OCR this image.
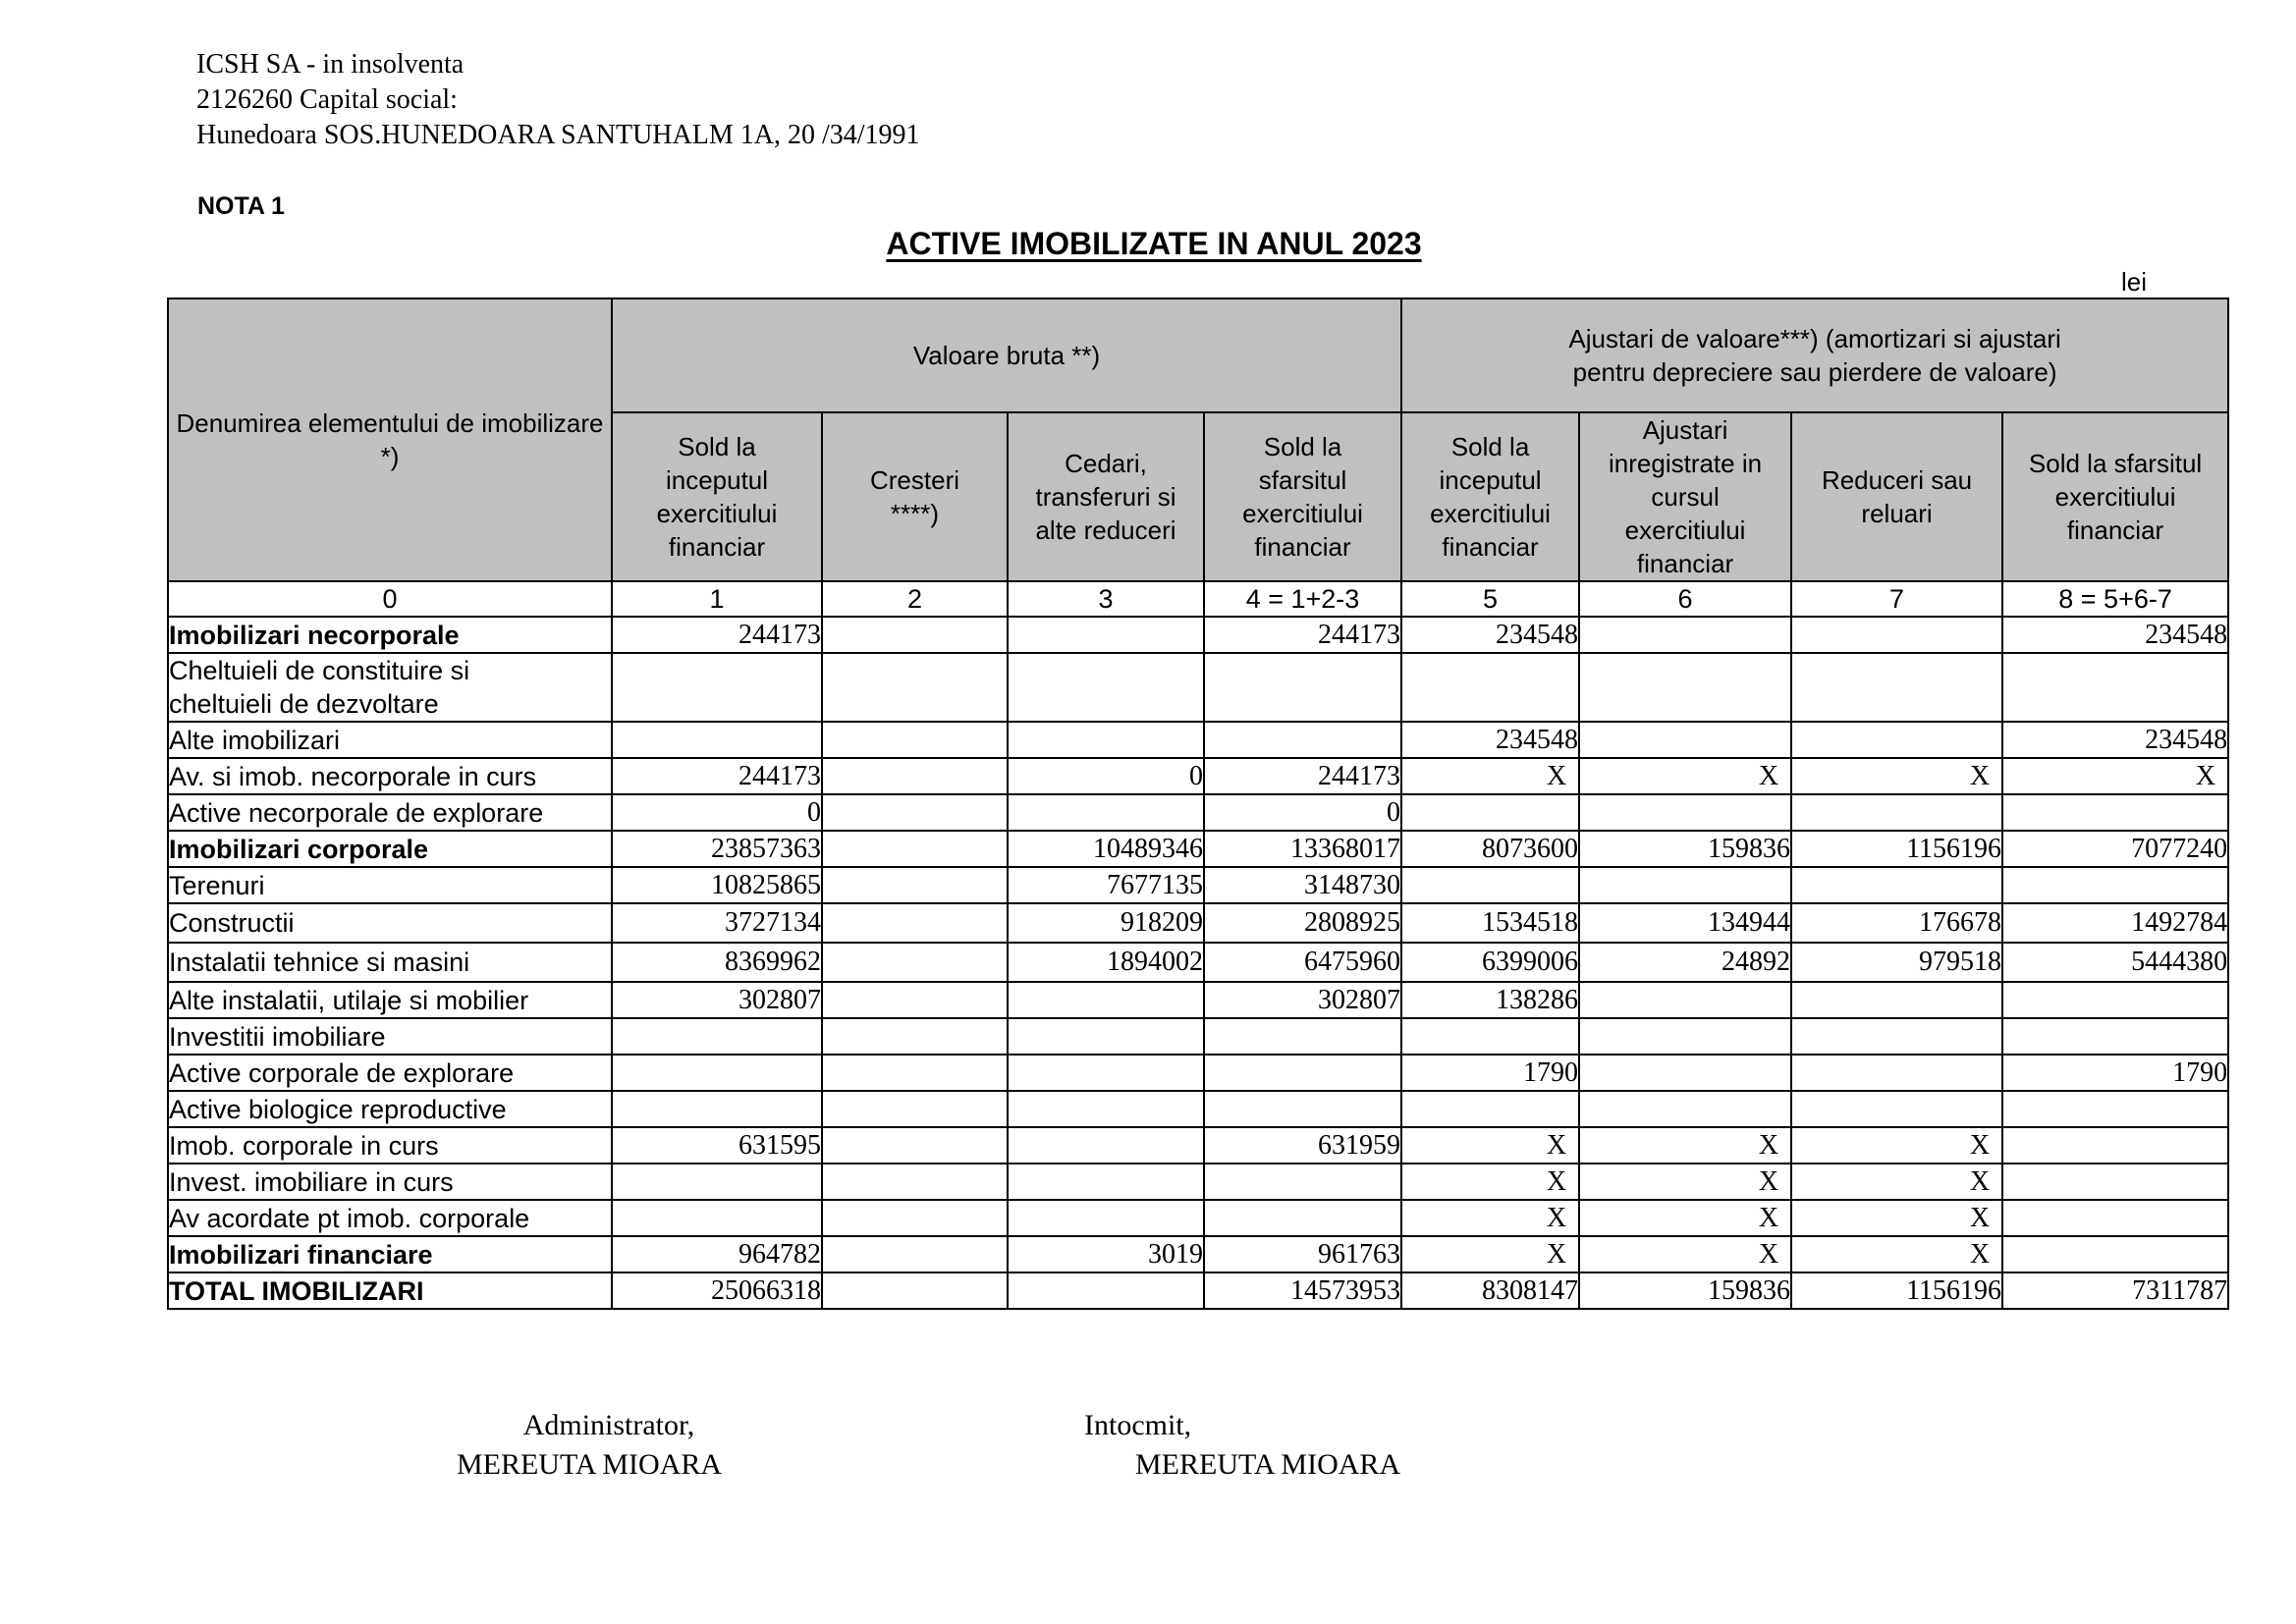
ICSH SA - in insolventa
2126260 Capital social:
Hunedoara SOS.HUNEDOARA SANTUHALM 1A, 20 /34/1991
NOTA 1
ACTIVE IMOBILIZATE IN ANUL 2023
lei
Denumirea elementului de imobilizare *)	Valoare bruta **)				Ajustari de valoare***) (amortizari si ajustari pentru depreciere sau pierdere de valoare)			
	Sold la inceputul exercitiului financiar	Cresteri ****)	Cedari, transferuri si alte reduceri	Sold la sfarsitul exercitiului financiar	Sold la inceputul exercitiului financiar	Ajustari inregistrate in cursul exercitiului financiar	Reduceri sau reluari	Sold la sfarsitul exercitiului financiar
0	1	2	3	4 = 1+2-3	5	6	7	8 = 5+6-7
Imobilizari necorporale	244173			244173	234548			234548
Cheltuieli de constituire si cheltuieli de dezvoltare								
Alte imobilizari					234548			234548
Av. si imob. necorporale in curs	244173		0	244173	X	X	X	X
Active necorporale de explorare	0			0				
Imobilizari corporale	23857363		10489346	13368017	8073600	159836	1156196	7077240
Terenuri	10825865		7677135	3148730				
Constructii	3727134		918209	2808925	1534518	134944	176678	1492784
Instalatii tehnice si masini	8369962		1894002	6475960	6399006	24892	979518	5444380
Alte instalatii, utilaje si mobilier	302807			302807	138286			
Investitii imobiliare								
Active corporale de explorare					1790			1790
Active biologice reproductive								
Imob. corporale in curs	631595			631959	X	X	X	
Invest. imobiliare in curs					X	X	X	
Av acordate pt imob. corporale					X	X	X	
Imobilizari financiare	964782		3019	961763	X	X	X	
TOTAL IMOBILIZARI	25066318			14573953	8308147	159836	1156196	7311787
Administrator,
MEREUTA MIOARA
Intocmit,
MEREUTA MIOARA
